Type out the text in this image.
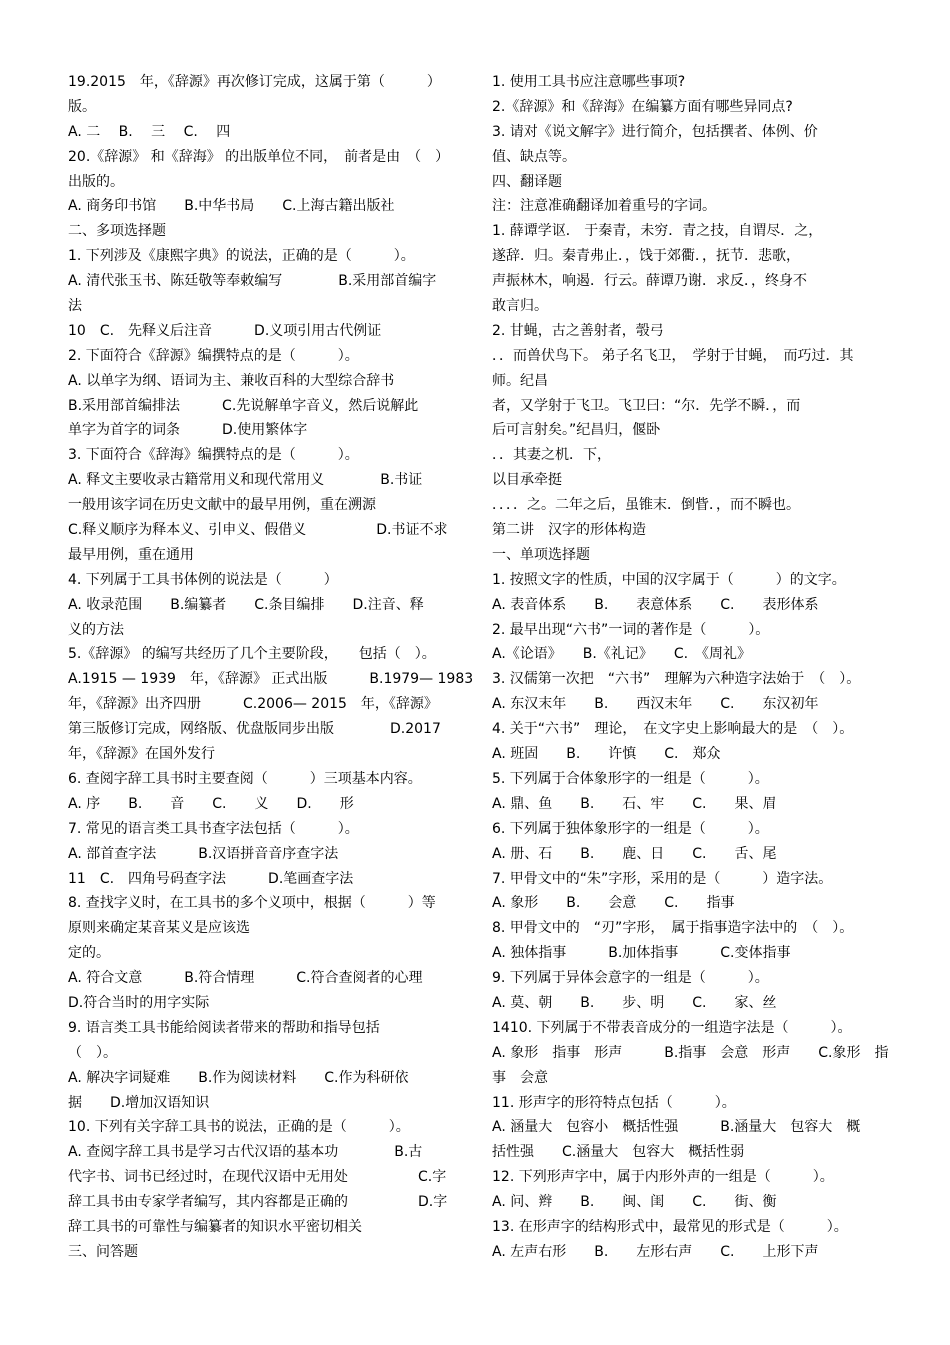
19.2015　年，《辞源》再次修订完成，这属于第（　　　）
版。
A. 二　 B.　 三　 C.　 四
20.《辞源》 和《辞海》 的出版单位不同，　前者是由　（　）
出版的。
A. 商务印书馆　　B.中华书局　　C.上海古籍出版社
二、多项选择题
1. 下列涉及《康熙字典》的说法，正确的是（　　　）。
A. 清代张玉书、陈廷敬等奉敕编写　　　　B.采用部首编字
法
10　C.　先释义后注音　　　D.义项引用古代例证
2. 下面符合《辞源》编撰特点的是（　　　）。
A. 以单字为纲、语词为主、兼收百科的大型综合辞书
B.采用部首编排法　　　C.先说解单字音义，然后说解此
单字为首字的词条　　　D.使用繁体字
3. 下面符合《辞海》编撰特点的是（　　　）。
A. 释文主要收录古籍常用义和现代常用义　　　　B.书证
一般用该字词在历史文献中的最早用例，重在溯源
C.释义顺序为释本义、引申义、假借义　　　　　D.书证不求
最早用例，重在通用
4. 下列属于工具书体例的说法是（　　　）
A. 收录范围　　B.编纂者　　C.条目编排　　D.注音、释
义的方法
5.《辞源》 的编写共经历了几个主要阶段，　　包括（　）。
A.1915 — 1939　年，《辞源》 正式出版　　　B.1979— 1983
年，《辞源》出齐四册　　　C.2006— 2015　年，《辞源》
第三版修订完成，网络版、优盘版同步出版　　　　D.2017
年，《辞源》在国外发行
6. 查阅字辞工具书时主要查阅（　　　）三项基本内容。
A. 序　　B.　　音　　C.　　义　　D.　　形
7. 常见的语言类工具书查字法包括（　　　）。
A. 部首查字法　　　B.汉语拼音音序查字法
11　C.　四角号码查字法　　　D.笔画查字法
8. 查找字义时，在工具书的多个义项中，根据（　　　）等
原则来确定某音某义是应该选
定的。
A. 符合文意　　　B.符合情理　　　C.符合查阅者的心理
D.符合当时的用字实际
9. 语言类工具书能给阅读者带来的帮助和指导包括
（　）。
A. 解决字词疑难　　B.作为阅读材料　　C.作为科研依
据　　D.增加汉语知识
10. 下列有关字辞工具书的说法，正确的是（　　　）。
A. 查阅字辞工具书是学习古代汉语的基本功　　　　B.古
代字书、词书已经过时，在现代汉语中无用处　　　　　C.字
辞工具书由专家学者编写，其内容都是正确的　　　　　D.字
辞工具书的可靠性与编纂者的知识水平密切相关
三、问答题
1. 使用工具书应注意哪些事项?
2.《辞源》和《辞海》在编纂方面有哪些异同点?
3. 请对《说文解字》进行简介，包括撰者、体例、价
值、缺点等。
四、翻译题
注：注意准确翻译加着重号的字词。
1. 薛谭学讴． 于秦青，未穷．青之技，自谓尽．之，
遂辞．归。秦青弗止．，饯于郊衢．，抚节．悲歌，
声振林木，响遏．行云。薛谭乃谢．求反．，终身不
敢言归。
2. 甘蝇，古之善射者，彀弓
．．而兽伏鸟下。 弟子名飞卫，　学射于甘蝇，　而巧过．其
师。纪昌
者，又学射于飞卫。飞卫曰：“尔．先学不瞬．，而
后可言射矣。”纪昌归，偃卧
．．其妻之机．下，
以目承牵挺
．．．．之。二年之后，虽锥末．倒眥．，而不瞬也。
第二讲　汉字的形体构造
一、单项选择题
1. 按照文字的性质，中国的汉字属于（　　　）的文字。
A. 表音体系　　B.　　表意体系　　C.　　表形体系
2. 最早出现“六书”一词的著作是（　　　）。
A.《论语》　　B.《礼记》　　C.　《周礼》
3. 汉儒第一次把　“六书”　理解为六种造字法始于　（　）。
A. 东汉末年　　B.　　西汉末年　　C.　　东汉初年
4. 关于“六书”　理论，　在文字史上影响最大的是　（　）。
A. 班固　　B.　　许慎　　C.　郑众
5. 下列属于合体象形字的一组是（　　　）。
A. 鼎、鱼　　B.　　石、牢　　C.　　果、眉
6. 下列属于独体象形字的一组是（　　　）。
A. 册、石　　B.　　鹿、日　　C.　　舌、尾
7. 甲骨文中的“朱”字形，采用的是（　　　）造字法。
A. 象形　　B.　　会意　　C.　　指事
8. 甲骨文中的　“刃”字形，　属于指事造字法中的　（　）。
A. 独体指事　　　B.加体指事　　　C.变体指事
9. 下列属于异体会意字的一组是（　　　）。
A. 莫、朝　　B.　　步、明　　C.　　家、丝
1410. 下列属于不带表音成分的一组造字法是（　　　）。
A. 象形　指事　形声　　　B.指事　会意　形声　　C.象形　指
事　会意
11. 形声字的形符特点包括（　　　）。
A. 涵量大　包容小　概括性强　　　B.涵量大　包容大　概
括性强　　C.涵量大　包容大　概括性弱
12. 下列形声字中，属于内形外声的一组是（　　　）。
A. 问、辫　　B.　　闽、闺　　C.　　街、衡
13. 在形声字的结构形式中，最常见的形式是（　　　）。
A. 左声右形　　B.　　左形右声　　C.　　上形下声
